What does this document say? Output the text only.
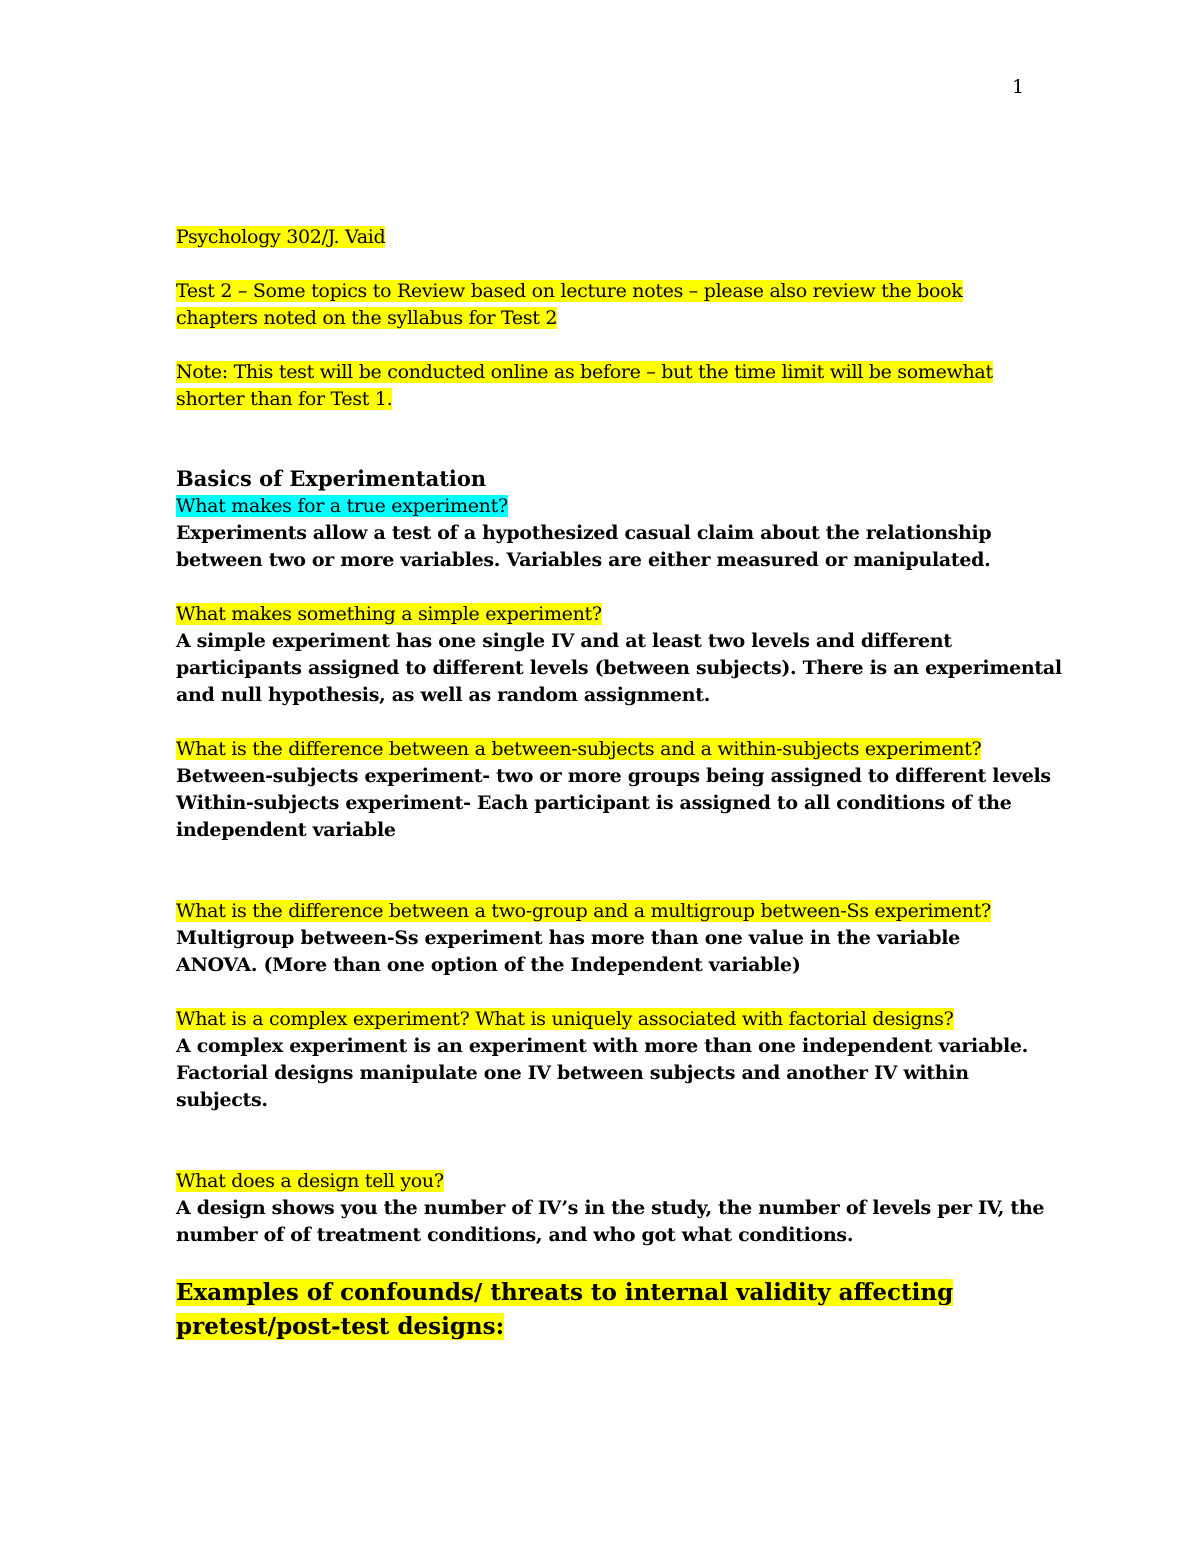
1
Psychology 302/J. Vaid
Test 2 – Some topics to Review based on lecture notes – please also review the book
chapters noted on the syllabus for Test 2
Note: This test will be conducted online as before – but the time limit will be somewhat
shorter than for Test 1.
Basics of Experimentation
What makes for a true experiment?
Experiments allow a test of a hypothesized casual claim about the relationship
between two or more variables. Variables are either measured or manipulated.
What makes something a simple experiment?
A simple experiment has one single IV and at least two levels and different
participants assigned to different levels (between subjects). There is an experimental
and null hypothesis, as well as random assignment.
What is the difference between a between-subjects and a within-subjects experiment?
Between-subjects experiment- two or more groups being assigned to different levels
Within-subjects experiment- Each participant is assigned to all conditions of the
independent variable
What is the difference between a two-group and a multigroup between-Ss experiment?
Multigroup between-Ss experiment has more than one value in the variable
ANOVA. (More than one option of the Independent variable)
What is a complex experiment? What is uniquely associated with factorial designs?
A complex experiment is an experiment with more than one independent variable.
Factorial designs manipulate one IV between subjects and another IV within
subjects.
What does a design tell you?
A design shows you the number of IV’s in the study, the number of levels per IV, the
number of of treatment conditions, and who got what conditions.
Examples of confounds/ threats to internal validity affecting
pretest/post-test designs:
